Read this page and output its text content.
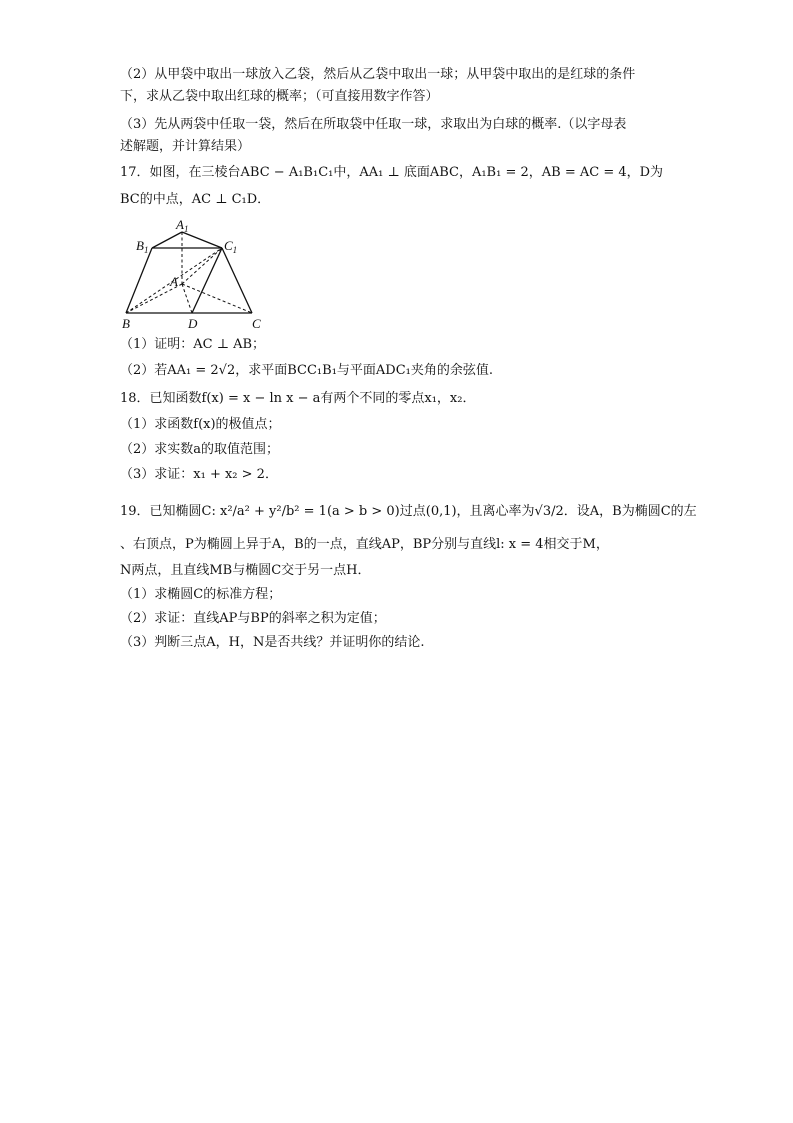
（2）从甲袋中取出一球放入乙袋，然后从乙袋中取出一球；从甲袋中取出的是红球的条件
下，求从乙袋中取出红球的概率；（可直接用数字作答）
（3）先从两袋中任取一袋，然后在所取袋中任取一球，求取出为白球的概率.（以字母表
述解题，并计算结果）
17．如图，在三棱台ABC − A₁B₁C₁中，AA₁ ⊥ 底面ABC，A₁B₁ = 2，AB = AC = 4，D为
BC的中点，AC ⊥ C₁D．
$A_1$
$B_1$	$C_1$
A
B	D	C
（1）证明：AC ⊥ AB；
（2）若AA₁ = 2√2，求平面BCC₁B₁与平面ADC₁夹角的余弦值.
18．已知函数f(x) = x − ln x − a有两个不同的零点x₁，x₂．
（1）求函数f(x)的极值点；
（2）求实数a的取值范围；
（3）求证：x₁ + x₂ > 2．
19．已知椭圆C: x²/a² + y²/b² = 1(a > b > 0)过点(0,1)，且离心率为√3/2．设A，B为椭圆C的左
、右顶点，P为椭圆上异于A，B的一点，直线AP，BP分别与直线l: x = 4相交于M，
N两点，且直线MB与椭圆C交于另一点H．
（1）求椭圆C的标准方程；
（2）求证：直线AP与BP的斜率之积为定值；
（3）判断三点A，H，N是否共线？并证明你的结论.
